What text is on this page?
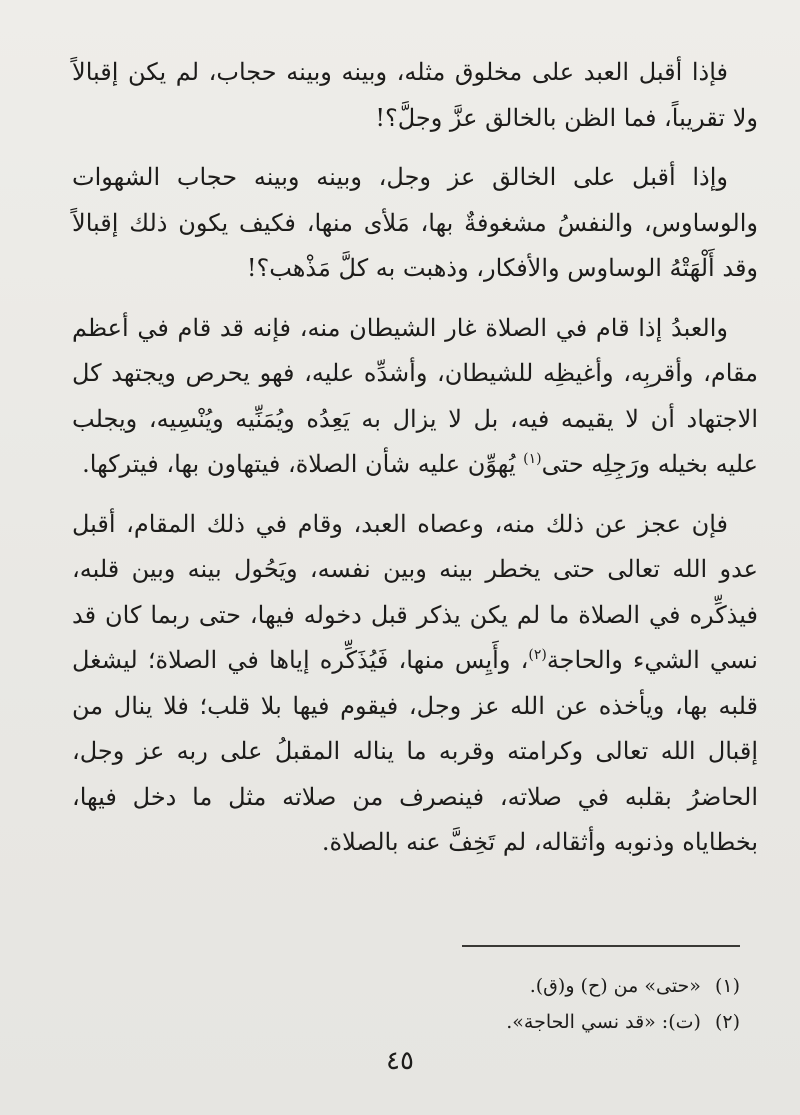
فإذا أقبل العبد على مخلوق مثله، وبينه وبينه حجاب، لم يكن إقبالاً ولا تقريباً، فما الظن بالخالق عزَّ وجلَّ؟!

وإذا أقبل على الخالق عز وجل، وبينه وبينه حجاب الشهوات والوساوس، والنفسُ مشغوفةٌ بها، مَلأى منها، فكيف يكون ذلك إقبالاً وقد أَلْهَتْهُ الوساوس والأفكار، وذهبت به كلَّ مَذْهب؟!

والعبدُ إذا قام في الصلاة غار الشيطان منه، فإنه قد قام في أعظم مقام، وأقربِه، وأغيظِه للشيطان، وأشدِّه عليه، فهو يحرص ويجتهد كل الاجتهاد أن لا يقيمه فيه، بل لا يزال به يَعِدُه ويُمَنِّيه ويُنْسِيه، ويجلب عليه بخيله ورَجِلِه حتى$^{(١)}$ يُهوِّن عليه شأن الصلاة، فيتهاون بها، فيتركها.

فإن عجز عن ذلك منه، وعصاه العبد، وقام في ذلك المقام، أقبل عدو الله تعالى حتى يخطر بينه وبين نفسه، ويَحُول بينه وبين قلبه، فيذكِّره في الصلاة ما لم يكن يذكر قبل دخوله فيها، حتى ربما كان قد نسي الشيء والحاجة$^{(٢)}$، وأَيِس منها، فَيُذَكِّره إياها في الصلاة؛ ليشغل قلبه بها، ويأخذه عن الله عز وجل، فيقوم فيها بلا قلب؛ فلا ينال من إقبال الله تعالى وكرامته وقربه ما يناله المقبلُ على ربه عز وجل، الحاضرُ بقلبه في صلاته، فينصرف من صلاته مثل ما دخل فيها، بخطاياه وذنوبه وأثقاله، لم تَخِفَّ عنه بالصلاة.

(١)«حتى» من (ح) و(ق).

(٢)(ت): «قد نسي الحاجة».

٤٥
